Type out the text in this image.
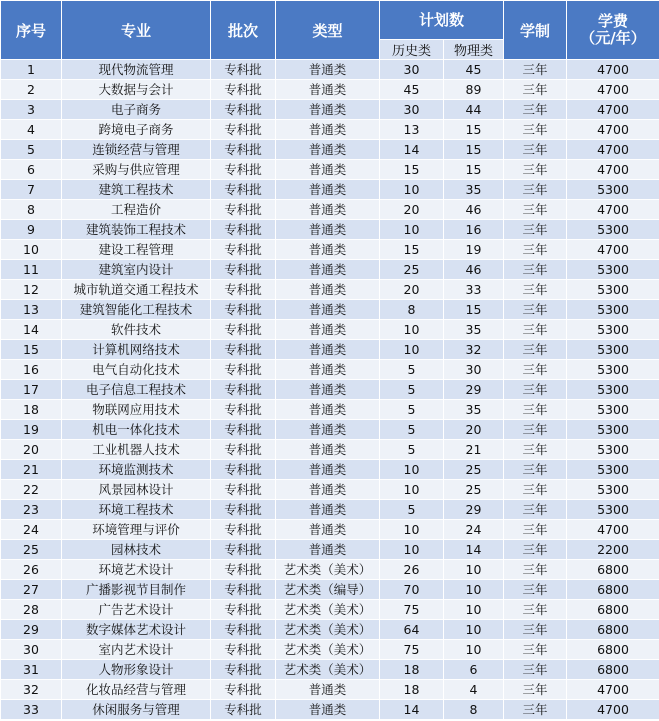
序号	专业	批次	类型	计划数		学制	学费
（元/年）
				历史类	物理类		
1	现代物流管理	专科批	普通类	30	45	三年	4700
2	大数据与会计	专科批	普通类	45	89	三年	4700
3	电子商务	专科批	普通类	30	44	三年	4700
4	跨境电子商务	专科批	普通类	13	15	三年	4700
5	连锁经营与管理	专科批	普通类	14	15	三年	4700
6	采购与供应管理	专科批	普通类	15	15	三年	4700
7	建筑工程技术	专科批	普通类	10	35	三年	5300
8	工程造价	专科批	普通类	20	46	三年	4700
9	建筑装饰工程技术	专科批	普通类	10	16	三年	5300
10	建设工程管理	专科批	普通类	15	19	三年	4700
11	建筑室内设计	专科批	普通类	25	46	三年	5300
12	城市轨道交通工程技术	专科批	普通类	20	33	三年	5300
13	建筑智能化工程技术	专科批	普通类	8	15	三年	5300
14	软件技术	专科批	普通类	10	35	三年	5300
15	计算机网络技术	专科批	普通类	10	32	三年	5300
16	电气自动化技术	专科批	普通类	5	30	三年	5300
17	电子信息工程技术	专科批	普通类	5	29	三年	5300
18	物联网应用技术	专科批	普通类	5	35	三年	5300
19	机电一体化技术	专科批	普通类	5	20	三年	5300
20	工业机器人技术	专科批	普通类	5	21	三年	5300
21	环境监测技术	专科批	普通类	10	25	三年	5300
22	风景园林设计	专科批	普通类	10	25	三年	5300
23	环境工程技术	专科批	普通类	5	29	三年	5300
24	环境管理与评价	专科批	普通类	10	24	三年	4700
25	园林技术	专科批	普通类	10	14	三年	2200
26	环境艺术设计	专科批	艺术类（美术）	26	10	三年	6800
27	广播影视节目制作	专科批	艺术类（编导）	70	10	三年	6800
28	广告艺术设计	专科批	艺术类（美术）	75	10	三年	6800
29	数字媒体艺术设计	专科批	艺术类（美术）	64	10	三年	6800
30	室内艺术设计	专科批	艺术类（美术）	75	10	三年	6800
31	人物形象设计	专科批	艺术类（美术）	18	6	三年	6800
32	化妆品经营与管理	专科批	普通类	18	4	三年	4700
33	休闲服务与管理	专科批	普通类	14	8	三年	4700
